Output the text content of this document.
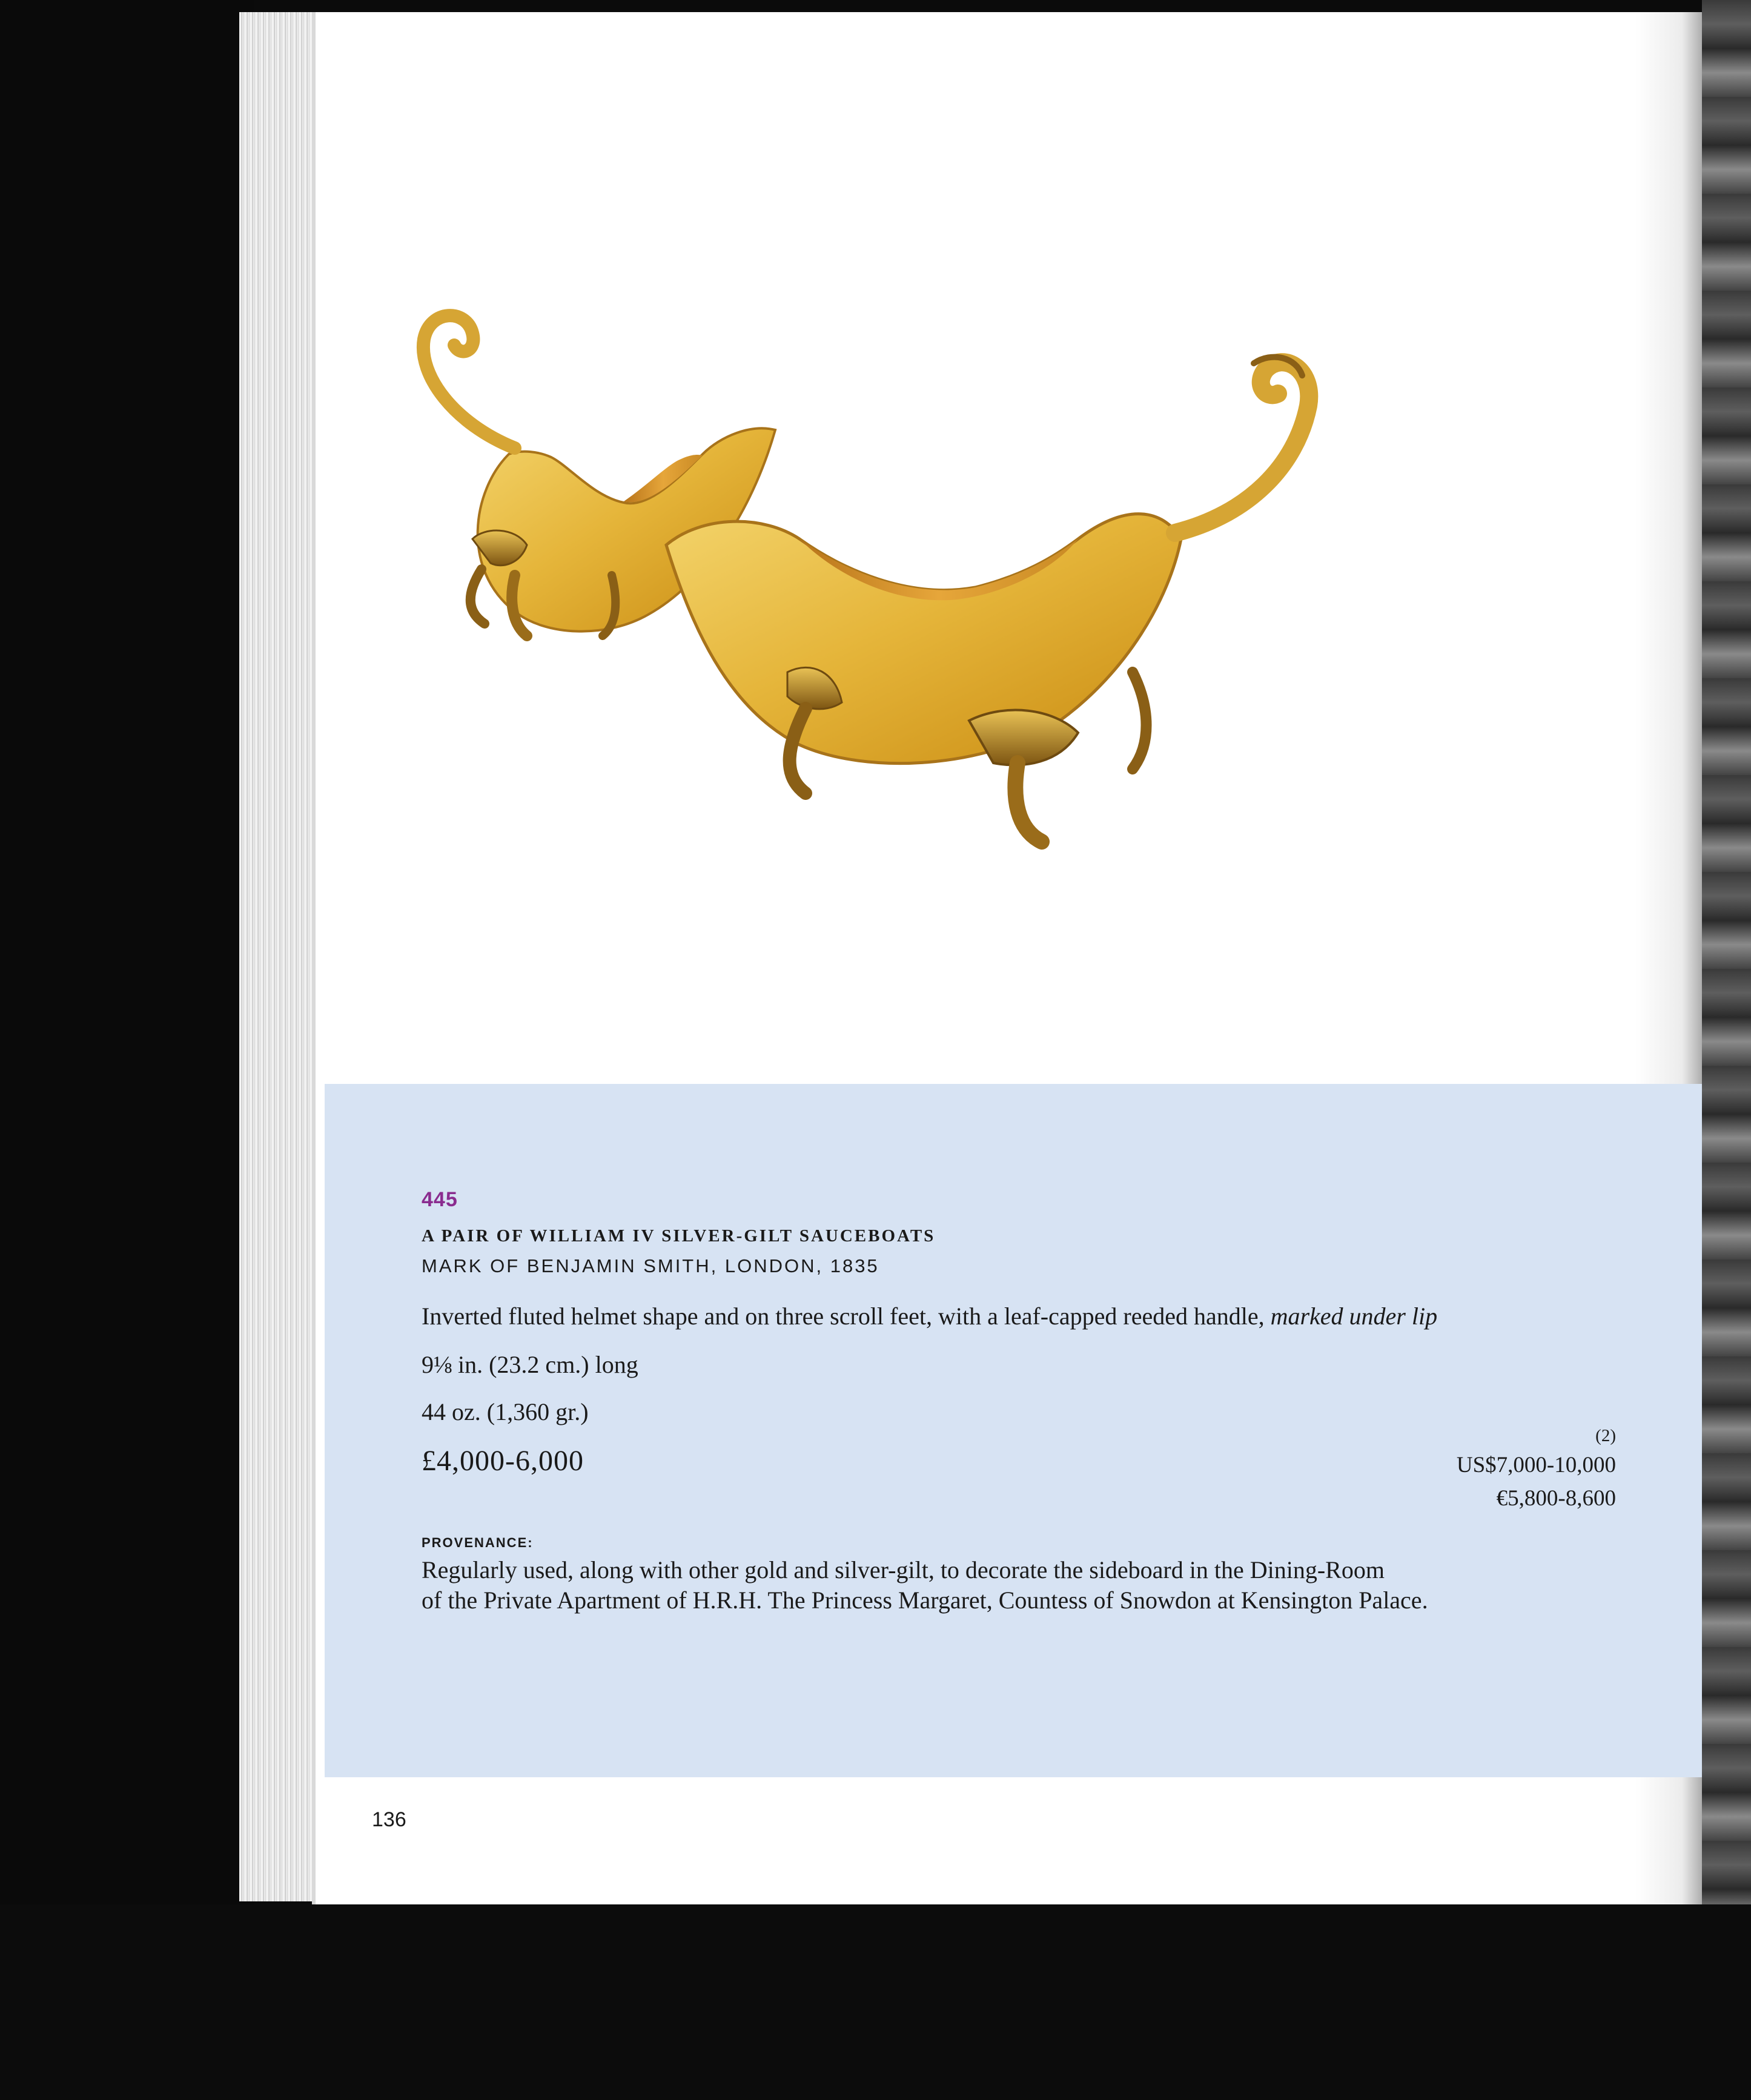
445
A PAIR OF WILLIAM IV SILVER-GILT SAUCEBOATS
MARK OF BENJAMIN SMITH, LONDON, 1835
Inverted fluted helmet shape and on three scroll feet, with a leaf-capped reeded handle, marked under lip
9⅛ in. (23.2 cm.) long
44 oz. (1,360 gr.)
£4,000-6,000
(2)
US$7,000-10,000
€5,800-8,600
PROVENANCE:
Regularly used, along with other gold and silver-gilt, to decorate the sideboard in the Dining-Room
of the Private Apartment of H.R.H. The Princess Margaret, Countess of Snowdon at Kensington Palace.
136
